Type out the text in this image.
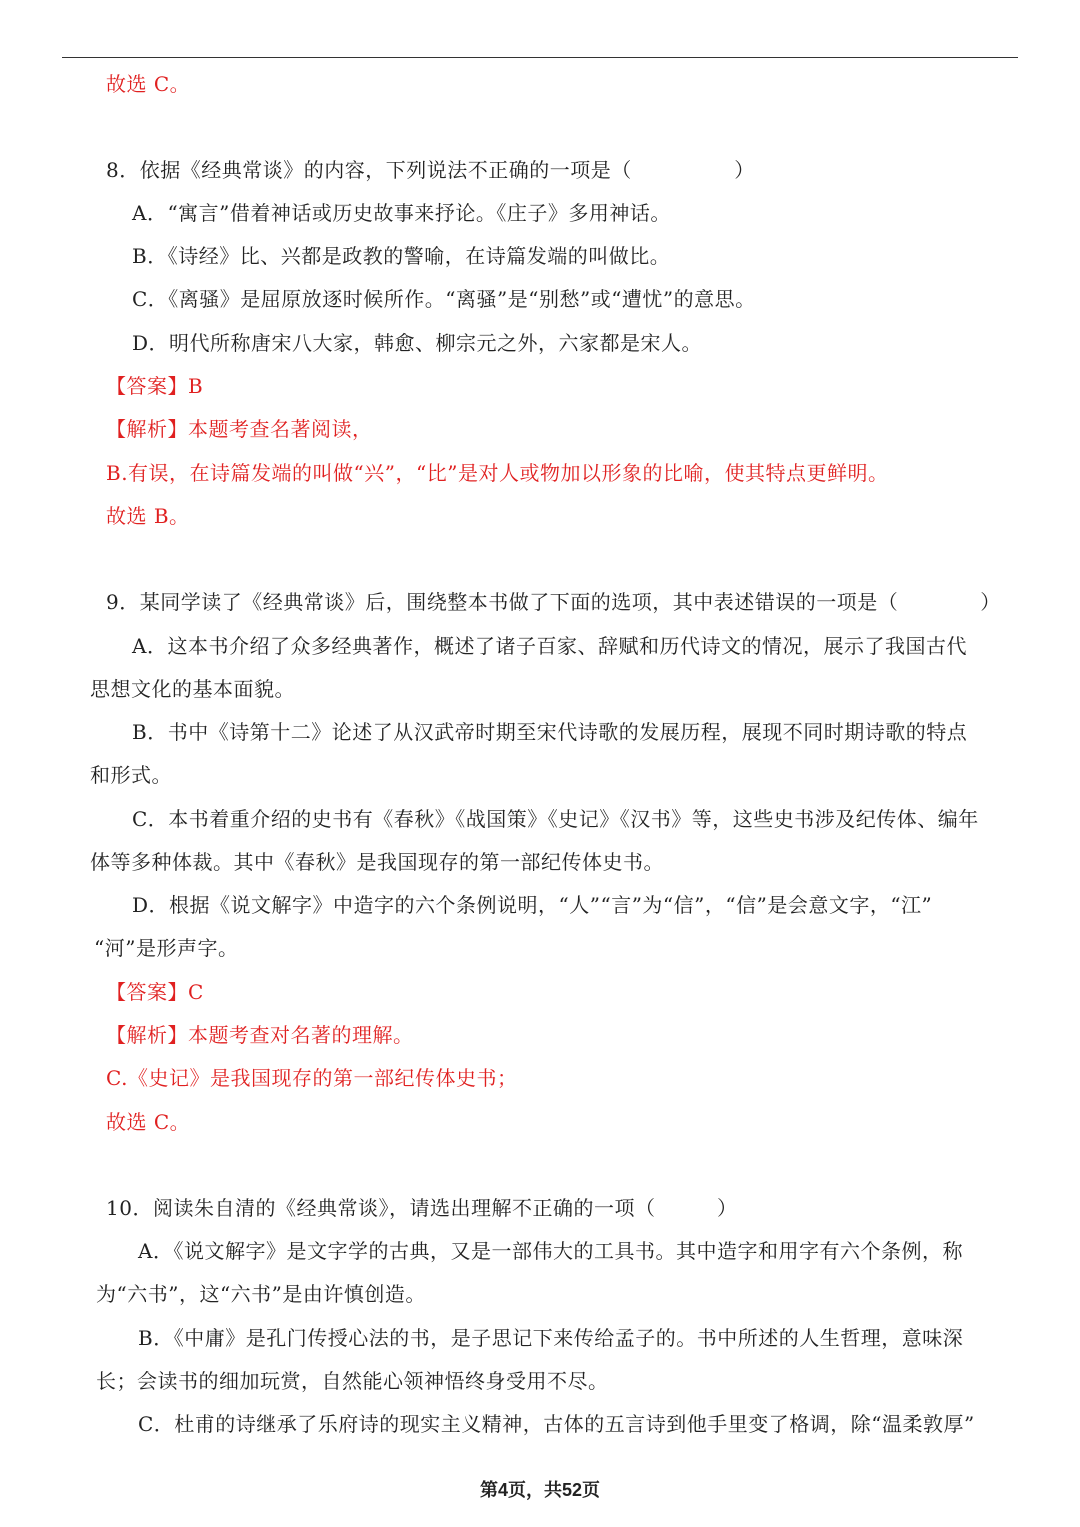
故选 C。
8．依据《经典常谈》的内容，下列说法不正确的一项是（　　　　　）
A．“寓言”借着神话或历史故事来抒论。《庄子》多用神话。
B．《诗经》比、兴都是政教的警喻，在诗篇发端的叫做比。
C．《离骚》是屈原放逐时候所作。“离骚”是“别愁”或“遭忧”的意思。
D．明代所称唐宋八大家，韩愈、柳宗元之外，六家都是宋人。
【答案】B
【解析】本题考查名著阅读，
B.有误，在诗篇发端的叫做“兴”，“比”是对人或物加以形象的比喻，使其特点更鲜明。
故选 B。
9．某同学读了《经典常谈》后，围绕整本书做了下面的选项，其中表述错误的一项是（　　　　）
A．这本书介绍了众多经典著作，概述了诸子百家、辞赋和历代诗文的情况，展示了我国古代
思想文化的基本面貌。
B．书中《诗第十二》论述了从汉武帝时期至宋代诗歌的发展历程，展现不同时期诗歌的特点
和形式。
C．本书着重介绍的史书有《春秋》《战国策》《史记》《汉书》等，这些史书涉及纪传体、编年
体等多种体裁。其中《春秋》是我国现存的第一部纪传体史书。
D．根据《说文解字》中造字的六个条例说明，“人”“言”为“信”，“信”是会意文字，“江”
“河”是形声字。
【答案】C
【解析】本题考查对名著的理解。
C.《史记》是我国现存的第一部纪传体史书；
故选 C。
10．阅读朱自清的《经典常谈》，请选出理解不正确的一项（　　　）
A．《说文解字》是文字学的古典，又是一部伟大的工具书。其中造字和用字有六个条例，称
为“六书”，这“六书”是由许慎创造。
B．《中庸》是孔门传授心法的书，是子思记下来传给孟子的。书中所述的人生哲理，意味深
长；会读书的细加玩赏，自然能心领神悟终身受用不尽。
C．杜甫的诗继承了乐府诗的现实主义精神，古体的五言诗到他手里变了格调，除“温柔敦厚”
第4页，共52页
